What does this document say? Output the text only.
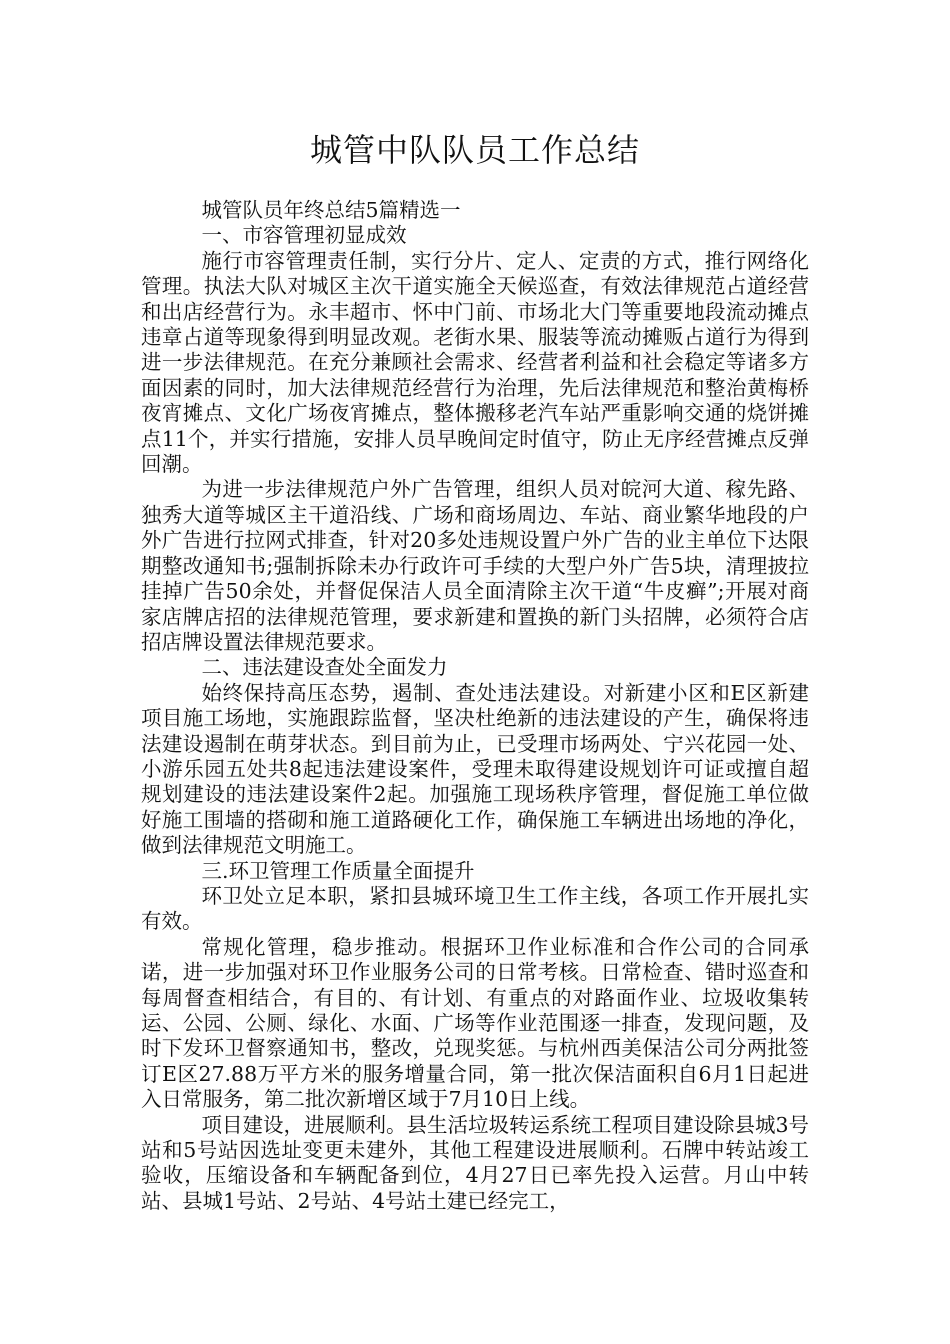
城管中队队员工作总结

城管队员年终总结5篇精选一

一、市容管理初显成效

施行市容管理责任制，实行分片、定人、定责的方式，推行网络化管理。执法大队对城区主次干道实施全天候巡查，有效法律规范占道经营和出店经营行为。永丰超市、怀中门前、市场北大门等重要地段流动摊点违章占道等现象得到明显改观。老街水果、服装等流动摊贩占道行为得到进一步法律规范。在充分兼顾社会需求、经营者利益和社会稳定等诸多方面因素的同时，加大法律规范经营行为治理，先后法律规范和整治黄梅桥夜宵摊点、文化广场夜宵摊点，整体搬移老汽车站严重影响交通的烧饼摊点11个，并实行措施，安排人员早晚间定时值守，防止无序经营摊点反弹回潮。

为进一步法律规范户外广告管理，组织人员对皖河大道、稼先路、独秀大道等城区主干道沿线、广场和商场周边、车站、商业繁华地段的户外广告进行拉网式排查，针对20多处违规设置户外广告的业主单位下达限期整改通知书;强制拆除未办行政许可手续的大型户外广告5块，清理披拉挂掉广告50余处，并督促保洁人员全面清除主次干道“牛皮癣”;开展对商家店牌店招的法律规范管理，要求新建和置换的新门头招牌，必须符合店招店牌设置法律规范要求。

二、违法建设查处全面发力

始终保持高压态势，遏制、查处违法建设。对新建小区和E区新建项目施工场地，实施跟踪监督，坚决杜绝新的违法建设的产生，确保将违法建设遏制在萌芽状态。到目前为止，已受理市场两处、宁兴花园一处、小游乐园五处共8起违法建设案件，受理未取得建设规划许可证或擅自超规划建设的违法建设案件2起。加强施工现场秩序管理，督促施工单位做好施工围墙的搭砌和施工道路硬化工作，确保施工车辆进出场地的净化，做到法律规范文明施工。

三.环卫管理工作质量全面提升

环卫处立足本职，紧扣县城环境卫生工作主线，各项工作开展扎实有效。

常规化管理，稳步推动。根据环卫作业标准和合作公司的合同承诺，进一步加强对环卫作业服务公司的日常考核。日常检查、错时巡查和每周督查相结合，有目的、有计划、有重点的对路面作业、垃圾收集转运、公园、公厕、绿化、水面、广场等作业范围逐一排查，发现问题，及时下发环卫督察通知书，整改，兑现奖惩。与杭州西美保洁公司分两批签订E区27.88万平方米的服务增量合同，第一批次保洁面积自6月1日起进入日常服务，第二批次新增区域于7月10日上线。

项目建设，进展顺利。县生活垃圾转运系统工程项目建设除县城3号站和5号站因选址变更未建外，其他工程建设进展顺利。石牌中转站竣工验收，压缩设备和车辆配备到位，4月27日已率先投入运营。月山中转站、县城1号站、2号站、4号站土建已经完工，
